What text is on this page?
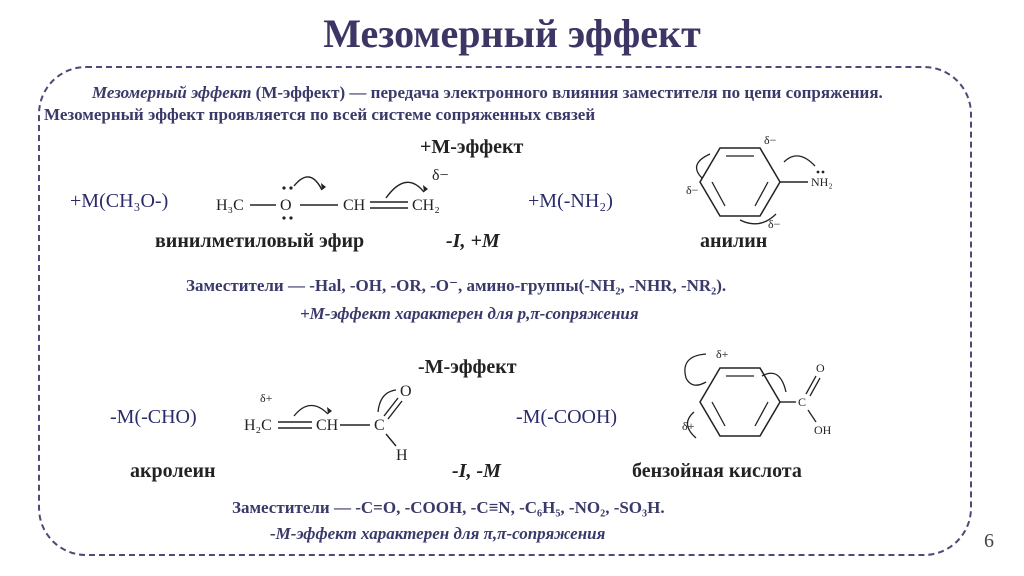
Мезомерный эффект
Мезомерный эффект (М-эффект) — передача электронного влияния заместителя по цепи сопряжения. Мезомерный эффект проявляется по всей системе сопряженных связей
+М-эффект
+М(CH₃O-)	+М(-NH₂)
винилметиловый эфир	-I, +М	анилин
Заместители — -Hal, -OH, -OR, -O⁻, амино-группы(-NH₂, -NHR, -NR₂).
+М-эффект характерен для p,π-сопряжения
H₃C O	CH	CH₂
δ−	NH₂
δ−
δ−
δ−
-М-эффект
-М(-CHO)	-М(-COOH)
акролеин	-I, -М	бензойная кислота
Заместители — -C=O, -COOH, -C≡N, -C₆H₅, -NO₂, -SO₃H.
-М-эффект характерен для π,π-сопряжения
δ+
H₂C	CH C
O
H
C
O
OH
δ+
δ+
6
